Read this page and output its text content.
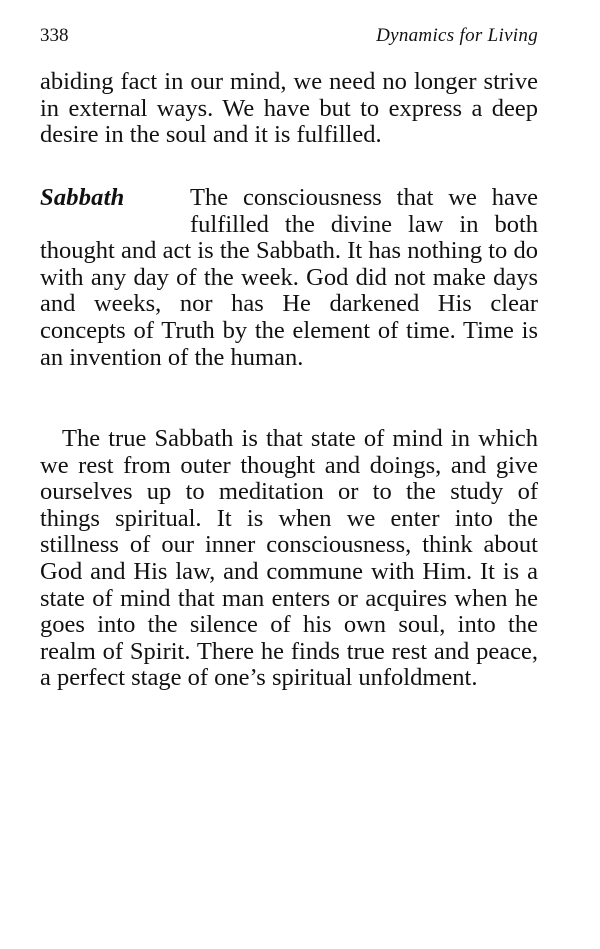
338	Dynamics for Living

abiding fact in our mind, we need no longer strive in external ways. We have but to express a deep desire in the soul and it is fulfilled.

Sabbath	The consciousness that we have fulfilled the divine law in both thought and act is the Sabbath. It has nothing to do with any day of the week. God did not make days and weeks, nor has He darkened His clear concepts of Truth by the element of time. Time is an invention of the human.

The true Sabbath is that state of mind in which we rest from outer thought and doings, and give ourselves up to meditation or to the study of things spiritual. It is when we enter into the stillness of our inner consciousness, think about God and His law, and commune with Him. It is a state of mind that man enters or acquires when he goes into the silence of his own soul, into the realm of Spirit. There he finds true rest and peace, a perfect stage of one’s spiritual unfoldment.
